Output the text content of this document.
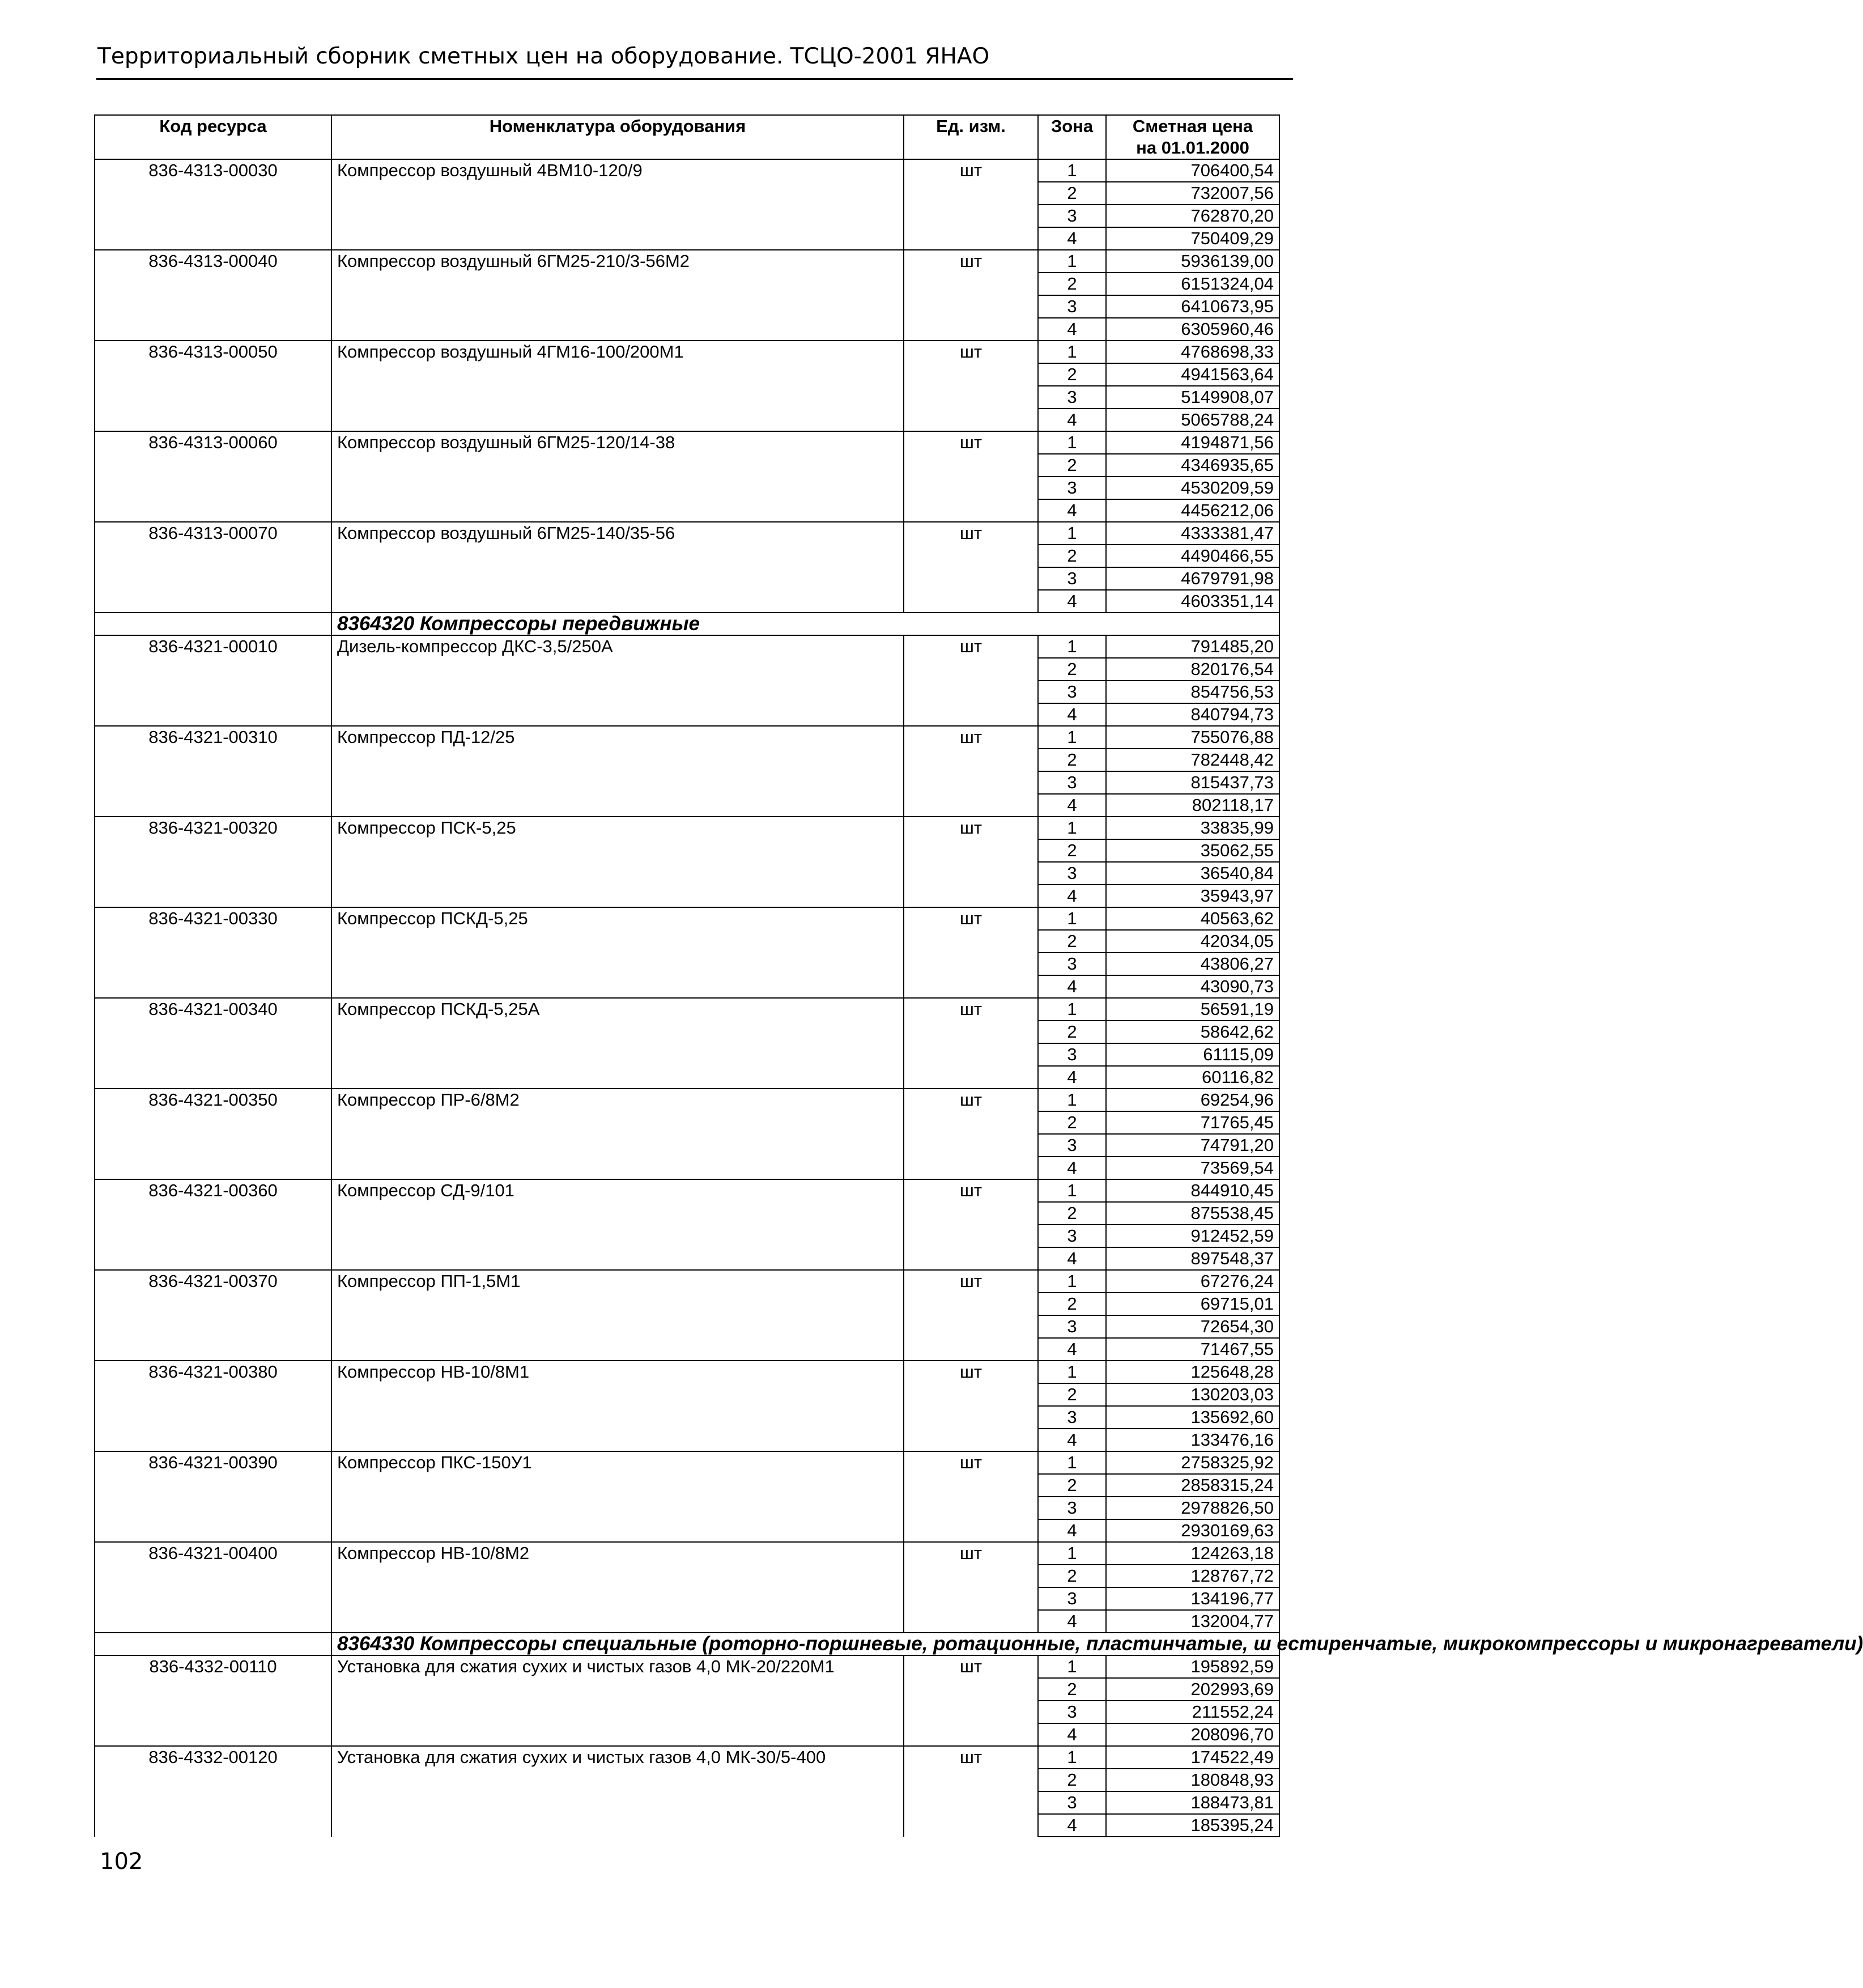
Территориальный сборник сметных цен на оборудование. ТСЦО-2001 ЯНАО
Код ресурса	Номенклатура оборудования	Ед. изм.	Зона	Сметная цена
на 01.01.2000

836-4313-00030	Компрессор воздушный 4ВМ10-120/9	шт	1	706400,54
			2	732007,56
			3	762870,20
			4	750409,29
836-4313-00040	Компрессор воздушный 6ГМ25-210/3-56М2	шт	1	5936139,00
			2	6151324,04
			3	6410673,95
			4	6305960,46
836-4313-00050	Компрессор воздушный 4ГМ16-100/200М1	шт	1	4768698,33
			2	4941563,64
			3	5149908,07
			4	5065788,24
836-4313-00060	Компрессор воздушный 6ГМ25-120/14-38	шт	1	4194871,56
			2	4346935,65
			3	4530209,59
			4	4456212,06
836-4313-00070	Компрессор воздушный 6ГМ25-140/35-56	шт	1	4333381,47
			2	4490466,55
			3	4679791,98
			4	4603351,14
	8364320 Компрессоры передвижные			
836-4321-00010	Дизель-компрессор ДКС-3,5/250А	шт	1	791485,20
			2	820176,54
			3	854756,53
			4	840794,73
836-4321-00310	Компрессор ПД-12/25	шт	1	755076,88
			2	782448,42
			3	815437,73
			4	802118,17
836-4321-00320	Компрессор ПСК-5,25	шт	1	33835,99
			2	35062,55
			3	36540,84
			4	35943,97
836-4321-00330	Компрессор ПСКД-5,25	шт	1	40563,62
			2	42034,05
			3	43806,27
			4	43090,73
836-4321-00340	Компрессор ПСКД-5,25А	шт	1	56591,19
			2	58642,62
			3	61115,09
			4	60116,82
836-4321-00350	Компрессор ПР-6/8М2	шт	1	69254,96
			2	71765,45
			3	74791,20
			4	73569,54
836-4321-00360	Компрессор СД-9/101	шт	1	844910,45
			2	875538,45
			3	912452,59
			4	897548,37
836-4321-00370	Компрессор ПП-1,5М1	шт	1	67276,24
			2	69715,01
			3	72654,30
			4	71467,55
836-4321-00380	Компрессор НВ-10/8М1	шт	1	125648,28
			2	130203,03
			3	135692,60
			4	133476,16
836-4321-00390	Компрессор ПКС-150У1	шт	1	2758325,92
			2	2858315,24
			3	2978826,50
			4	2930169,63
836-4321-00400	Компрессор НВ-10/8М2	шт	1	124263,18
			2	128767,72
			3	134196,77
			4	132004,77
	8364330 Компрессоры специальные (роторно-поршневые, ротационные, пластинчатые, ш естиренчатые, микрокомпрессоры и микронагреватели)			
836-4332-00110	Установка для сжатия сухих и чистых газов 4,0 МК-20/220М1	шт	1	195892,59
			2	202993,69
			3	211552,24
			4	208096,70
836-4332-00120	Установка для сжатия сухих и чистых газов 4,0 МК-30/5-400	шт	1	174522,49
			2	180848,93
			3	188473,81
			4	185395,24
102
